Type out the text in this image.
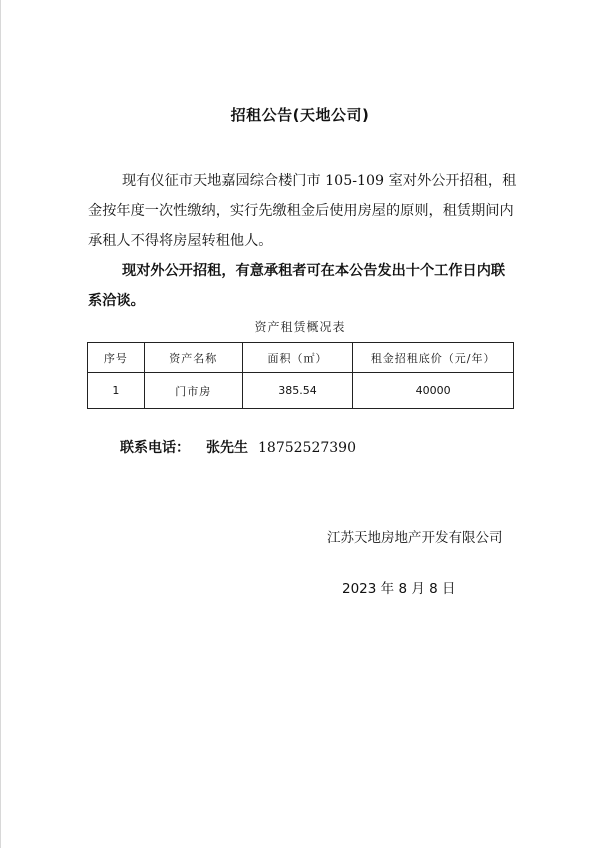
招租公告(天地公司)
现有仪征市天地嘉园综合楼门市 105-109 室对外公开招租，租金按年度一次性缴纳，实行先缴租金后使用房屋的原则，租赁期间内承租人不得将房屋转租他人。
现对外公开招租，有意承租者可在本公告发出十个工作日内联系洽谈。
资产租赁概况表
序号	资产名称	面积（㎡）	租金招租底价（元/年）
1	门市房	385.54	40000
联系电话： 张先生 18752527390
江苏天地房地产开发有限公司
2023 年 8 月 8 日
